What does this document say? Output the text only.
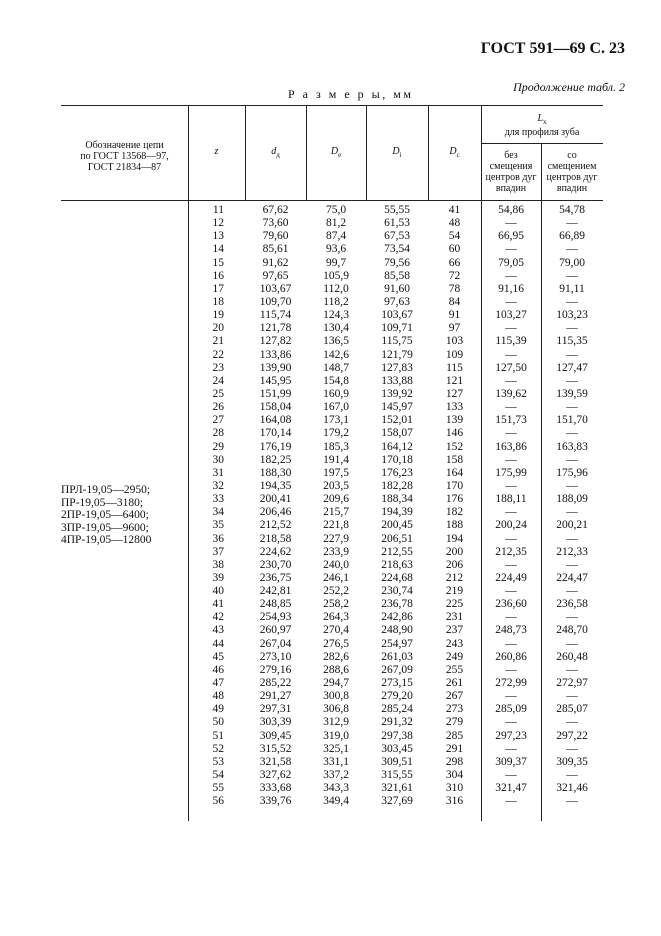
ГОСТ 591—69 С. 23
Продолжение табл. 2
Р а з м е р ы, мм
Обозначение цепи
по ГОСТ 13568—97,
ГОСТ 21834—87
z	$d_д$	$D_e$	$D_i$	$D_c$
$L_x$
для профиля зуба
без
смещения
центров дуг
впадин
со
смещением
центров дуг
впадин
ПРЛ-19,05—2950;
ПР-19,05—3180;
2ПР-19,05—6400;
3ПР-19,05—9600;
4ПР-19,05—12800
11	67,62	75,0	55,55	41	54,86	54,78
12	73,60	81,2	61,53	48	—	—
13	79,60	87,4	67,53	54	66,95	66,89
14	85,61	93,6	73,54	60	—	—
15	91,62	99,7	79,56	66	79,05	79,00
16	97,65	105,9	85,58	72	—	—
17	103,67	112,0	91,60	78	91,16	91,11
18	109,70	118,2	97,63	84	—	—
19	115,74	124,3	103,67	91	103,27	103,23
20	121,78	130,4	109,71	97	—	—
21	127,82	136,5	115,75	103	115,39	115,35
22	133,86	142,6	121,79	109	—	—
23	139,90	148,7	127,83	115	127,50	127,47
24	145,95	154,8	133,88	121	—	—
25	151,99	160,9	139,92	127	139,62	139,59
26	158,04	167,0	145,97	133	—	—
27	164,08	173,1	152,01	139	151,73	151,70
28	170,14	179,2	158,07	146	—	—
29	176,19	185,3	164,12	152	163,86	163,83
30	182,25	191,4	170,18	158	—	—
31	188,30	197,5	176,23	164	175,99	175,96
32	194,35	203,5	182,28	170	—	—
33	200,41	209,6	188,34	176	188,11	188,09
34	206,46	215,7	194,39	182	—	—
35	212,52	221,8	200,45	188	200,24	200,21
36	218,58	227,9	206,51	194	—	—
37	224,62	233,9	212,55	200	212,35	212,33
38	230,70	240,0	218,63	206	—	—
39	236,75	246,1	224,68	212	224,49	224,47
40	242,81	252,2	230,74	219	—	—
41	248,85	258,2	236,78	225	236,60	236,58
42	254,93	264,3	242,86	231	—	—
43	260,97	270,4	248,90	237	248,73	248,70
44	267,04	276,5	254,97	243	—	—
45	273,10	282,6	261,03	249	260,86	260,48
46	279,16	288,6	267,09	255	—	—
47	285,22	294,7	273,15	261	272,99	272,97
48	291,27	300,8	279,20	267	—	—
49	297,31	306,8	285,24	273	285,09	285,07
50	303,39	312,9	291,32	279	—	—
51	309,45	319,0	297,38	285	297,23	297,22
52	315,52	325,1	303,45	291	—	—
53	321,58	331,1	309,51	298	309,37	309,35
54	327,62	337,2	315,55	304	—	—
55	333,68	343,3	321,61	310	321,47	321,46
56	339,76	349,4	327,69	316	—	—
